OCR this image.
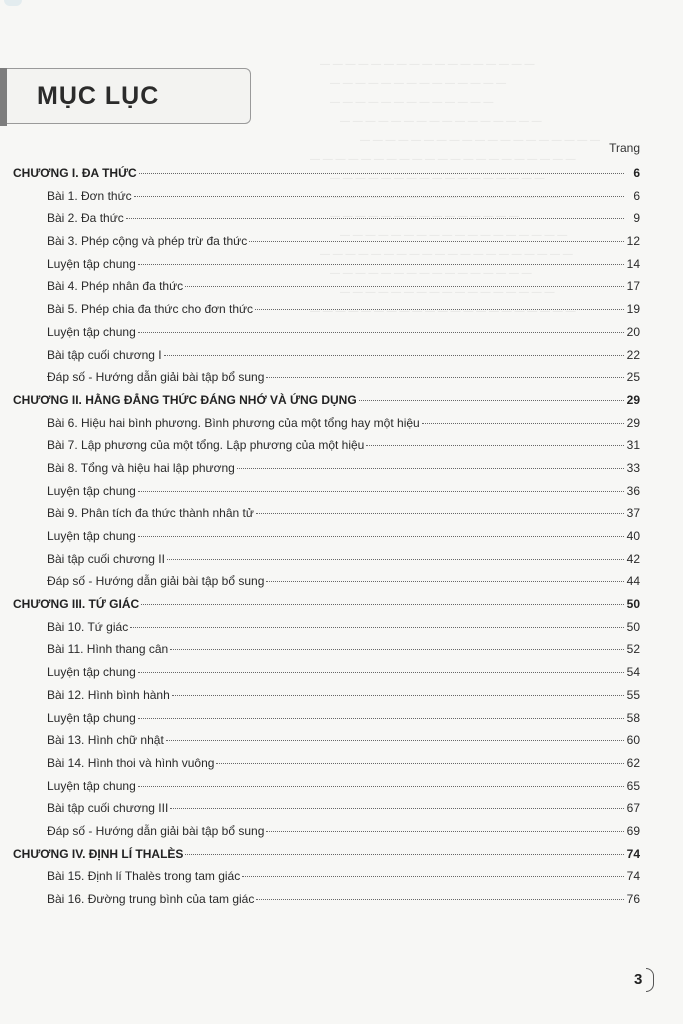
— — — — — — — — — — — — — — — — —
— — — — — — — — — — — — — —
— — — — — — — — — — — — —
— — — — — — — — — — — — — — — —
— — — — — — — — — — — — — — — — — — —
— — — — — — — — — — — — — — — — — — — — —
— — — — — — — — — — — — — — — — —
— — — — — — — — — — — — — — — — — — —
— — — — — — — — — — — — — — —
— — — — — — — — — — — — — — — — — —
— — — — — — — — — — — — — — — — — — — —
— — — — — — — — — — — — — — — —
— — — — — — — — — — — — — — — — —
— — — — — — — — — — — — — — — — — — — — —
MỤC LỤC
Trang
CHƯƠNG I. ĐA THỨC	6
Bài 1. Đơn thức	6
Bài 2. Đa thức	9
Bài 3. Phép cộng và phép trừ đa thức	12
Luyện tập chung	14
Bài 4. Phép nhân đa thức	17
Bài 5. Phép chia đa thức cho đơn thức	19
Luyện tập chung	20
Bài tập cuối chương I	22
Đáp số - Hướng dẫn giải bài tập bổ sung	25
CHƯƠNG II. HẰNG ĐẲNG THỨC ĐÁNG NHỚ VÀ ỨNG DỤNG	29
Bài 6. Hiệu hai bình phương. Bình phương của một tổng hay một hiệu	29
Bài 7. Lập phương của một tổng. Lập phương của một hiệu	31
Bài 8. Tổng và hiệu hai lập phương	33
Luyện tập chung	36
Bài 9. Phân tích đa thức thành nhân tử	37
Luyện tập chung	40
Bài tập cuối chương II	42
Đáp số - Hướng dẫn giải bài tập bổ sung	44
CHƯƠNG III. TỨ GIÁC	50
Bài 10. Tứ giác	50
Bài 11. Hình thang cân	52
Luyện tập chung	54
Bài 12. Hình bình hành	55
Luyện tập chung	58
Bài 13. Hình chữ nhật	60
Bài 14. Hình thoi và hình vuông	62
Luyện tập chung	65
Bài tập cuối chương III	67
Đáp số - Hướng dẫn giải bài tập bổ sung	69
CHƯƠNG IV. ĐỊNH LÍ THALÈS	74
Bài 15. Định lí Thalès trong tam giác	74
Bài 16. Đường trung bình của tam giác	76
3
